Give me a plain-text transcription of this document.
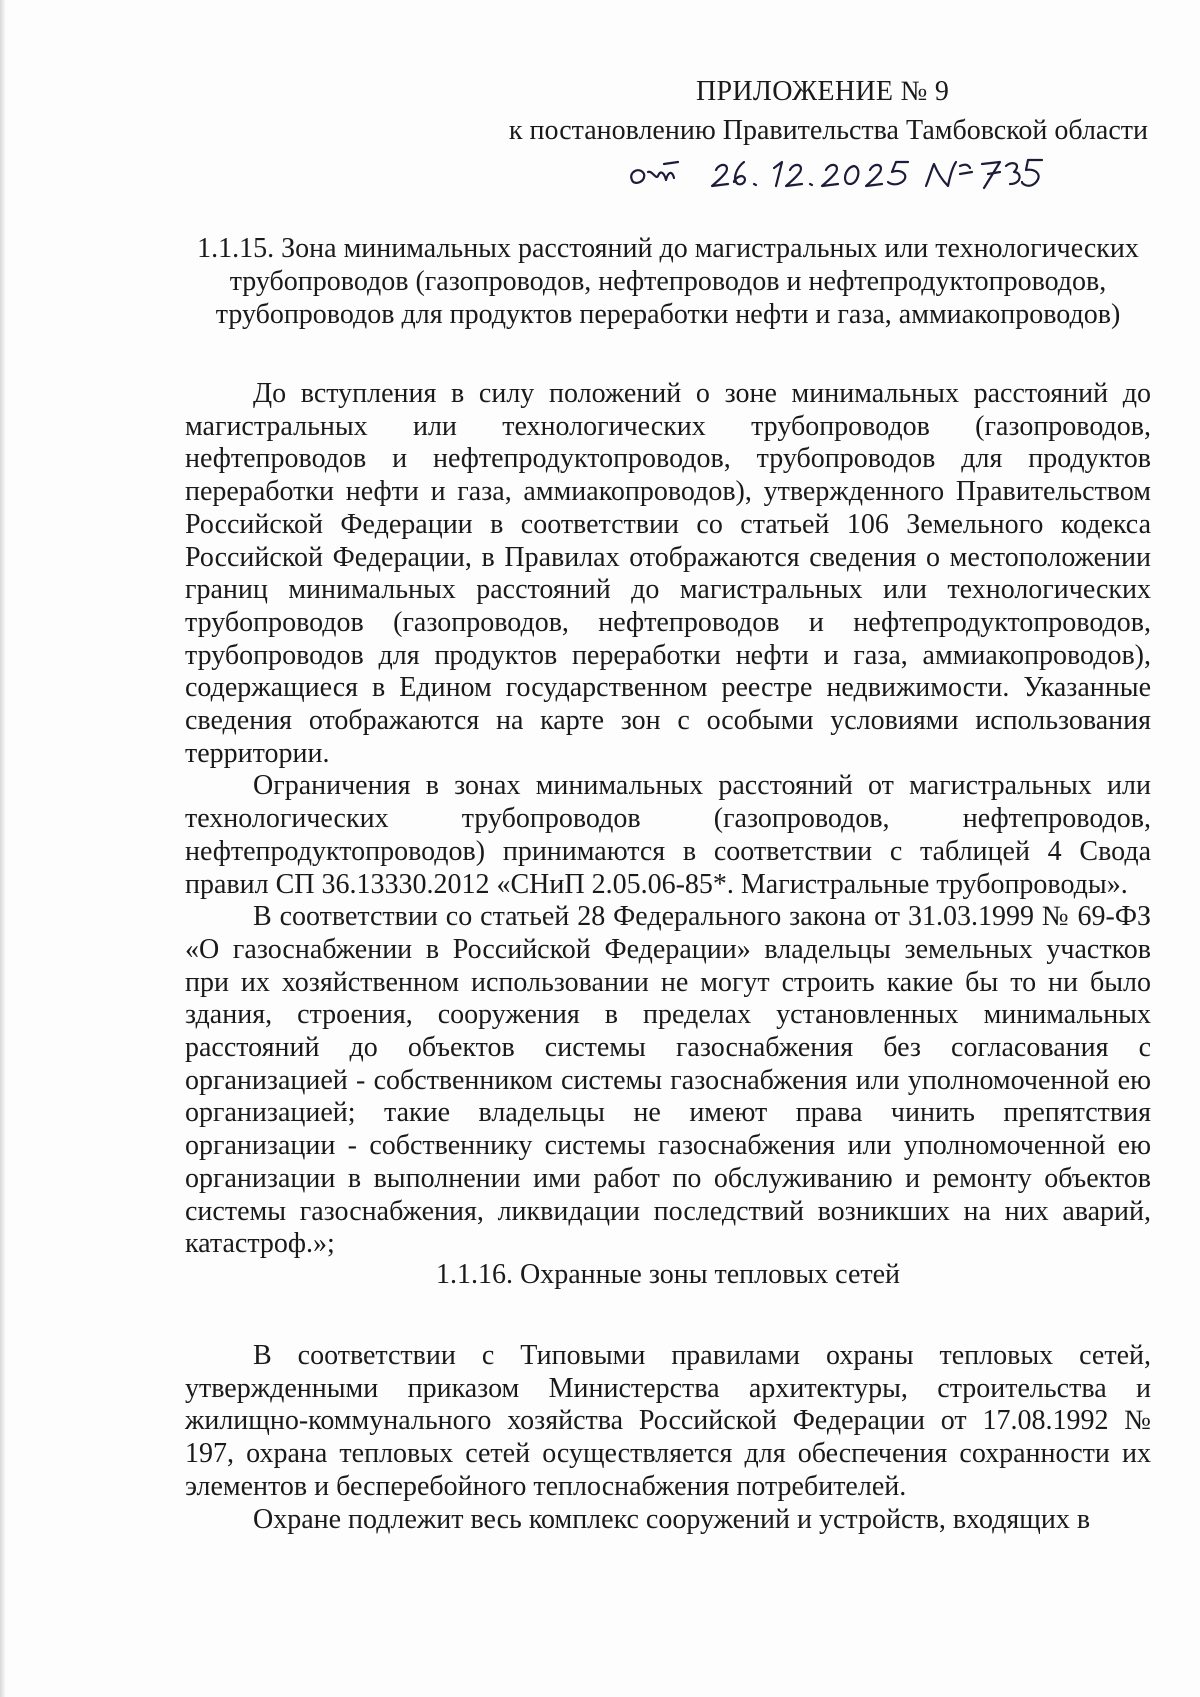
ПРИЛОЖЕНИЕ № 9
к постановлению Правительства Тамбовской области
1.1.15. Зона минимальных расстояний до магистральных или технологических трубопроводов (газопроводов, нефтепроводов и нефтепродуктопроводов, трубопроводов для продуктов переработки нефти и газа, аммиакопроводов)

До вступления в силу положений о зоне минимальных расстояний до магистральных или технологических трубопроводов (газопроводов, нефтепроводов и нефтепродуктопроводов, трубопроводов для продуктов переработки нефти и газа, аммиакопроводов), утвержденного Правительством Российской Федерации в соответствии со статьей 106 Земельного кодекса Российской Федерации, в Правилах отображаются сведения о местоположении границ минимальных расстояний до магистральных или технологических трубопроводов (газопроводов, нефтепроводов и нефтепродуктопроводов, трубопроводов для продуктов переработки нефти и газа, аммиакопроводов), содержащиеся в Едином государственном реестре недвижимости. Указанные сведения отображаются на карте зон с особыми условиями использования территории.

Ограничения в зонах минимальных расстояний от магистральных или технологических трубопроводов (газопроводов, нефтепроводов, нефтепродуктопроводов) принимаются в соответствии с таблицей 4 Свода правил СП 36.13330.2012 «СНиП 2.05.06-85*. Магистральные трубопроводы».

В соответствии со статьей 28 Федерального закона от 31.03.1999 № 69-ФЗ «О газоснабжении в Российской Федерации» владельцы земельных участков при их хозяйственном использовании не могут строить какие бы то ни было здания, строения, сооружения в пределах установленных минимальных расстояний до объектов системы газоснабжения без согласования с организацией - собственником системы газоснабжения или уполномоченной ею организацией; такие владельцы не имеют права чинить препятствия организации - собственнику системы газоснабжения или уполномоченной ею организации в выполнении ими работ по обслуживанию и ремонту объектов системы газоснабжения, ликвидации последствий возникших на них аварий, катастроф.»;

1.1.16. Охранные зоны тепловых сетей

В соответствии с Типовыми правилами охраны тепловых сетей, утвержденными приказом Министерства архитектуры, строительства и жилищно-коммунального хозяйства Российской Федерации от 17.08.1992 № 197, охрана тепловых сетей осуществляется для обеспечения сохранности их элементов и бесперебойного теплоснабжения потребителей.

Охране подлежит весь комплекс сооружений и устройств, входящих в
